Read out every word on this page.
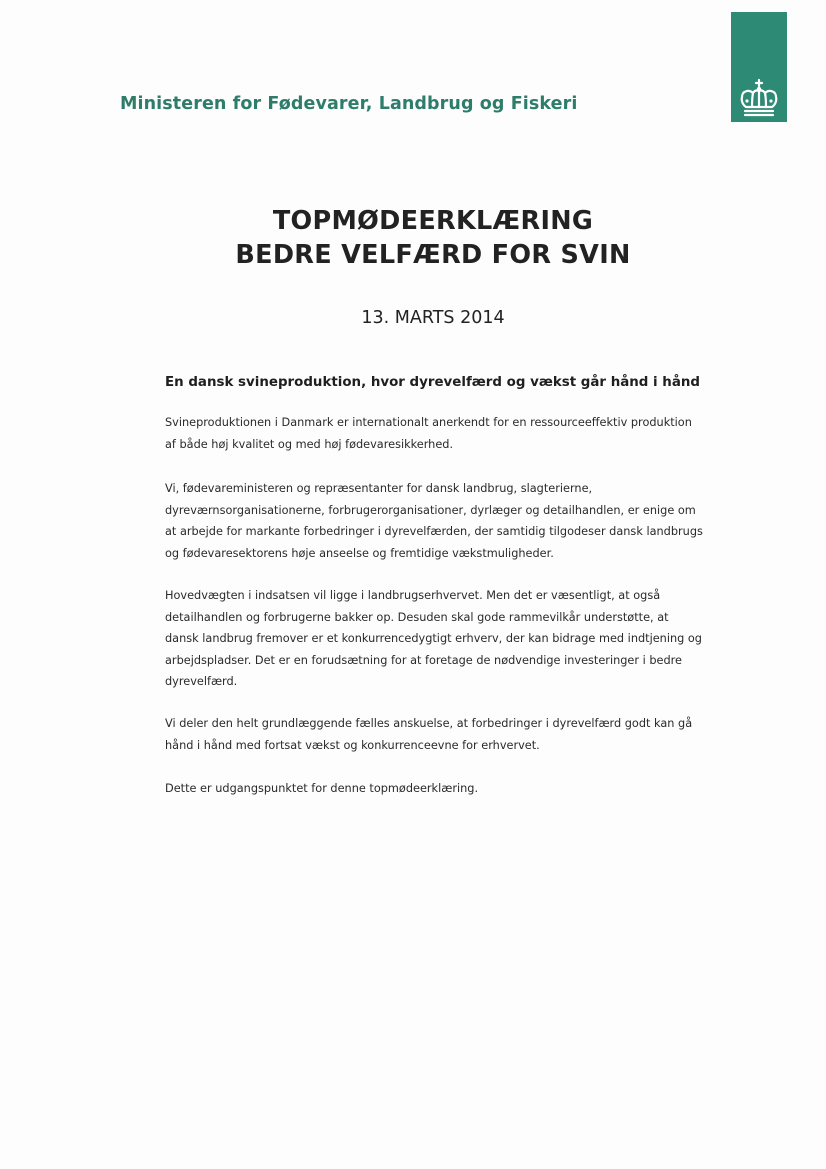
Ministeren for Fødevarer, Landbrug og Fiskeri
TOPMØDEERKLÆRING
BEDRE VELFÆRD FOR SVIN
13. MARTS 2014
En dansk svineproduktion, hvor dyrevelfærd og vækst går hånd i hånd

Svineproduktionen i Danmark er internationalt anerkendt for en ressourceeffektiv produktion af både høj kvalitet og med høj fødevaresikkerhed.

Vi, fødevareministeren og repræsentanter for dansk landbrug, slagterierne, dyreværnsorganisationerne, forbrugerorganisationer, dyrlæger og detailhandlen, er enige om at arbejde for markante forbedringer i dyrevelfærden, der samtidig tilgodeser dansk landbrugs og fødevaresektorens høje anseelse og fremtidige vækstmuligheder.

Hovedvægten i indsatsen vil ligge i landbrugserhvervet. Men det er væsentligt, at også detailhandlen og forbrugerne bakker op. Desuden skal gode rammevilkår understøtte, at dansk landbrug fremover er et konkurrencedygtigt erhverv, der kan bidrage med indtjening og arbejdspladser. Det er en forudsætning for at foretage de nødvendige investeringer i bedre dyrevelfærd.

Vi deler den helt grundlæggende fælles anskuelse, at forbedringer i dyrevelfærd godt kan gå hånd i hånd med fortsat vækst og konkurrenceevne for erhvervet.

Dette er udgangspunktet for denne topmødeerklæring.
